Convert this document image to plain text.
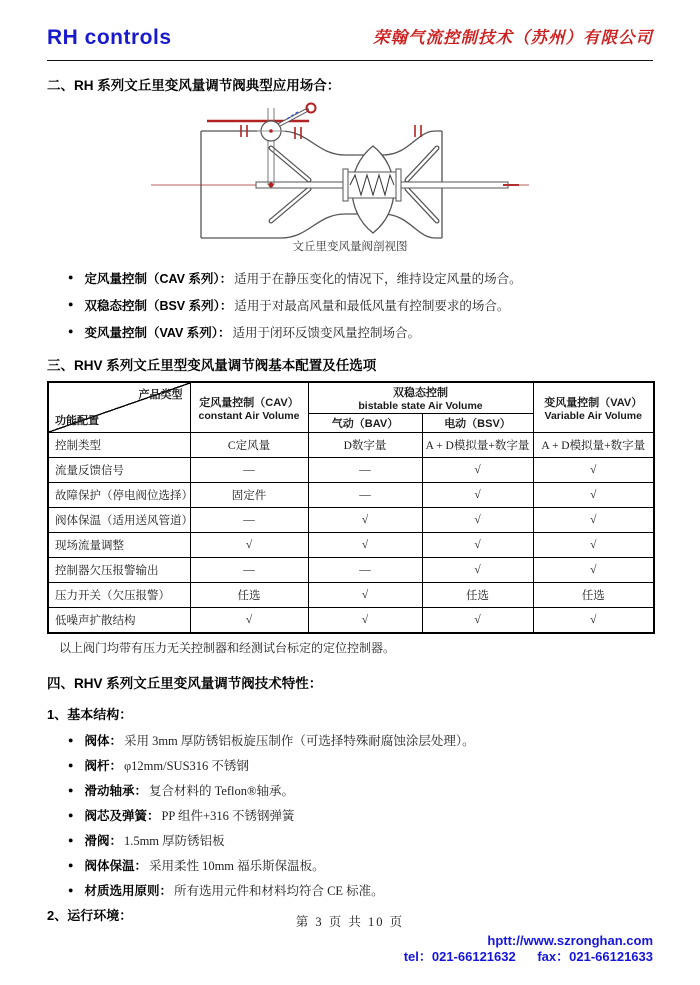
RH controls	荣翰气流控制技术（苏州）有限公司
二、RH 系列文丘里变风量调节阀典型应用场合：
文丘里变风量阀剖视图
● 定风量控制（CAV 系列）： 适用于在静压变化的情况下，维持设定风量的场合。
● 双稳态控制（BSV 系列）： 适用于对最高风量和最低风量有控制要求的场合。
● 变风量控制（VAV 系列）： 适用于闭环反馈变风量控制场合。
三、RHV 系列文丘里型变风量调节阀基本配置及任选项
产品类型
功能配置

定风量控制（CAV）
constant Air Volume

双稳态控制
bistable state Air Volume	变风量控制（VAV）
Variable Air Volume

		气动（BAV）	电动（BSV）	
控制类型	C定风量	D数字量	A + D模拟量+数字量	A + D模拟量+数字量
流量反馈信号	—	—	√	√
故障保护（停电阀位选择）	固定件	—	√	√
阀体保温（适用送风管道）	—	√	√	√
现场流量调整	√	√	√	√
控制器欠压报警输出	—	—	√	√
压力开关（欠压报警）	任选	√	任选	任选
低噪声扩散结构	√	√	√	√

以上阀门均带有压力无关控制器和经测试台标定的定位控制器。

四、RHV 系列文丘里变风量调节阀技术特性：
1、基本结构：
● 阀体： 采用 3mm 厚防锈铝板旋压制作（可选择特殊耐腐蚀涂层处理）。
● 阀杆： φ12mm/SUS316 不锈钢
● 滑动轴承： 复合材料的 Teflon®轴承。
● 阀芯及弹簧： PP 组件+316 不锈钢弹簧
● 滑阀： 1.5mm 厚防锈铝板
● 阀体保温： 采用柔性 10mm 福乐斯保温板。
● 材质选用原则： 所有选用元件和材料均符合 CE 标准。
2、运行环境：	第 3 页 共 10 页
hptt://www.szronghan.com
tel：021-66121632 fax：021-66121633
